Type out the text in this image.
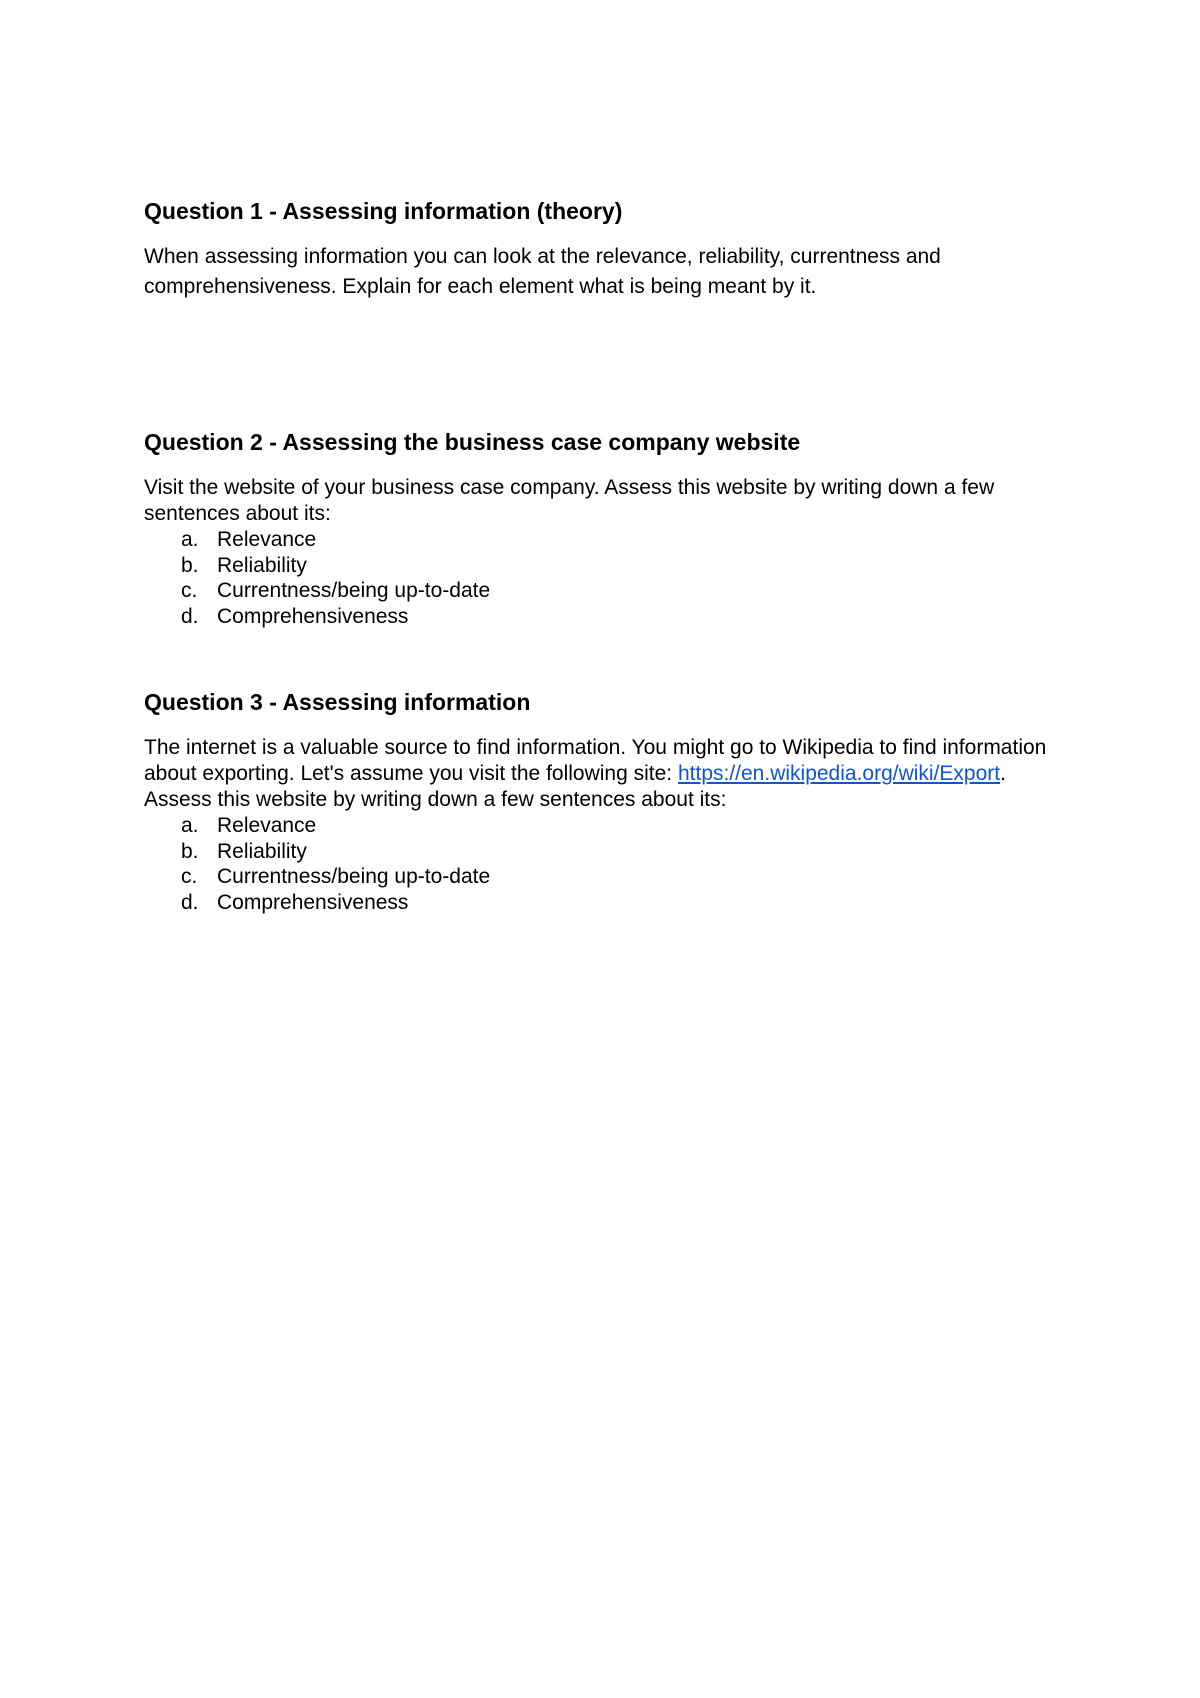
Question 1 - Assessing information (theory)

When assessing information you can look at the relevance, reliability, currentness and comprehensiveness. Explain for each element what is being meant by it.

Question 2 - Assessing the business case company website

Visit the website of your business case company. Assess this website by writing down a few sentences about its:

a. Relevance
b. Reliability
c. Currentness/being up-to-date
d. Comprehensiveness
Question 3 - Assessing information

The internet is a valuable source to find information. You might go to Wikipedia to find information about exporting. Let's assume you visit the following site: https://en.wikipedia.org/wiki/Export. Assess this website by writing down a few sentences about its:

a. Relevance
b. Reliability
c. Currentness/being up-to-date
d. Comprehensiveness
